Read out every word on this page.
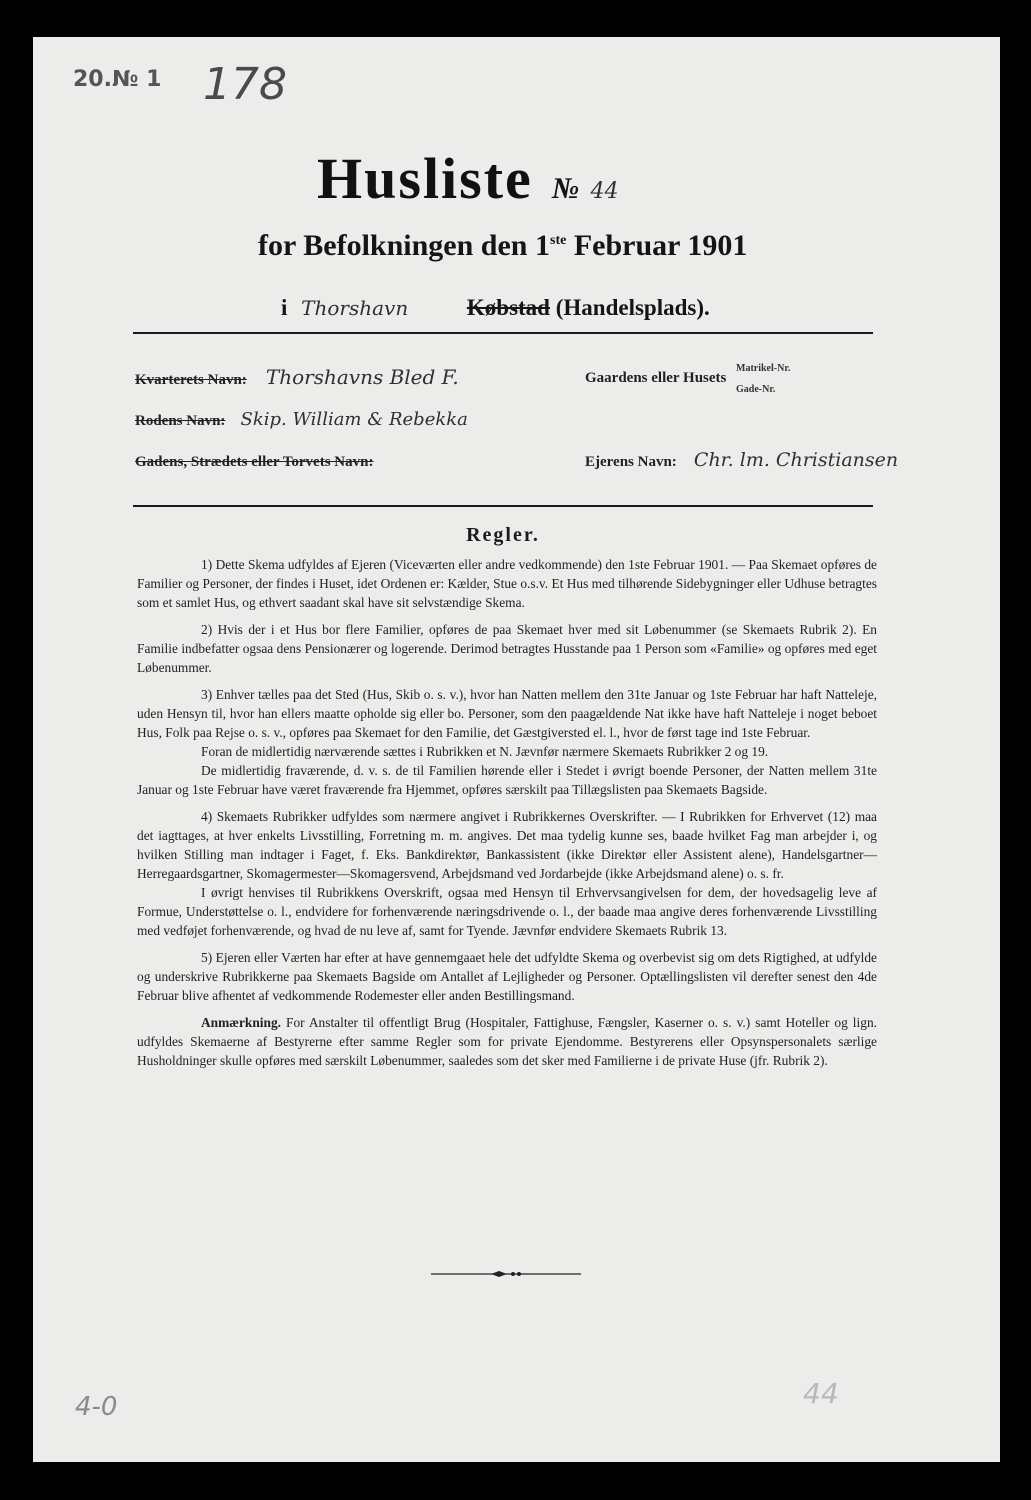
20.№ 1 178
Husliste № 44
for Befolkningen den 1ste Februar 1901
i Thorshavn	Købstad (Handelsplads).
Kvarterets Navn: Thorshavns Bled F.	Gaardens eller Husets
Matrikel-Nr.
Gade-Nr.
Rodens Navn: Skip. William & Rebekka
Gadens, Strædets eller Torvets Navn:	Ejerens Navn: Chr. lm. Christiansen
Regler.

1) Dette Skema udfyldes af Ejeren (Viceværten eller andre vedkommende) den 1ste Februar 1901. — Paa Skemaet opføres de Familier og Personer, der findes i Huset, idet Ordenen er: Kælder, Stue o.s.v. Et Hus med tilhørende Sidebygninger eller Udhuse betragtes som et samlet Hus, og ethvert saadant skal have sit selvstændige Skema.

2) Hvis der i et Hus bor flere Familier, opføres de paa Skemaet hver med sit Løbenummer (se Skemaets Rubrik 2). En Familie indbefatter ogsaa dens Pensionærer og logerende. Derimod betragtes Husstande paa 1 Person som «Familie» og opføres med eget Løbenummer.

3) Enhver tælles paa det Sted (Hus, Skib o. s. v.), hvor han Natten mellem den 31te Januar og 1ste Februar har haft Natteleje, uden Hensyn til, hvor han ellers maatte opholde sig eller bo. Personer, som den paagældende Nat ikke have haft Natteleje i noget beboet Hus, Folk paa Rejse o. s. v., opføres paa Skemaet for den Familie, det Gæstgiversted el. l., hvor de først tage ind 1ste Februar.

Foran de midlertidig nærværende sættes i Rubrikken et N. Jævnfør nærmere Skemaets Rubrikker 2 og 19.

De midlertidig fraværende, d. v. s. de til Familien hørende eller i Stedet i øvrigt boende Personer, der Natten mellem 31te Januar og 1ste Februar have været fraværende fra Hjemmet, opføres særskilt paa Tillægslisten paa Skemaets Bagside.

4) Skemaets Rubrikker udfyldes som nærmere angivet i Rubrikkernes Overskrifter. — I Rubrikken for Erhvervet (12) maa det iagttages, at hver enkelts Livsstilling, Forretning m. m. angives. Det maa tydelig kunne ses, baade hvilket Fag man arbejder i, og hvilken Stilling man indtager i Faget, f. Eks. Bankdirektør, Bankassistent (ikke Direktør eller Assistent alene), Handelsgartner—Herregaardsgartner, Skomagermester—Skomagersvend, Arbejdsmand ved Jordarbejde (ikke Arbejdsmand alene) o. s. fr.

I øvrigt henvises til Rubrikkens Overskrift, ogsaa med Hensyn til Erhvervsangivelsen for dem, der hovedsagelig leve af Formue, Understøttelse o. l., endvidere for forhenværende næringsdrivende o. l., der baade maa angive deres forhenværende Livsstilling med vedføjet forhenværende, og hvad de nu leve af, samt for Tyende. Jævnfør endvidere Skemaets Rubrik 13.

5) Ejeren eller Værten har efter at have gennemgaaet hele det udfyldte Skema og overbevist sig om dets Rigtighed, at udfylde og underskrive Rubrikkerne paa Skemaets Bagside om Antallet af Lejligheder og Personer. Optællingslisten vil derefter senest den 4de Februar blive afhentet af vedkommende Rodemester eller anden Bestillingsmand.

Anmærkning. For Anstalter til offentligt Brug (Hospitaler, Fattighuse, Fængsler, Kaserner o. s. v.) samt Hoteller og lign. udfyldes Skemaerne af Bestyrerne efter samme Regler som for private Ejendomme. Bestyrerens eller Opsynspersonalets særlige Husholdninger skulle opføres med særskilt Løbenummer, saaledes som det sker med Familierne i de private Huse (jfr. Rubrik 2).

4-0	44
